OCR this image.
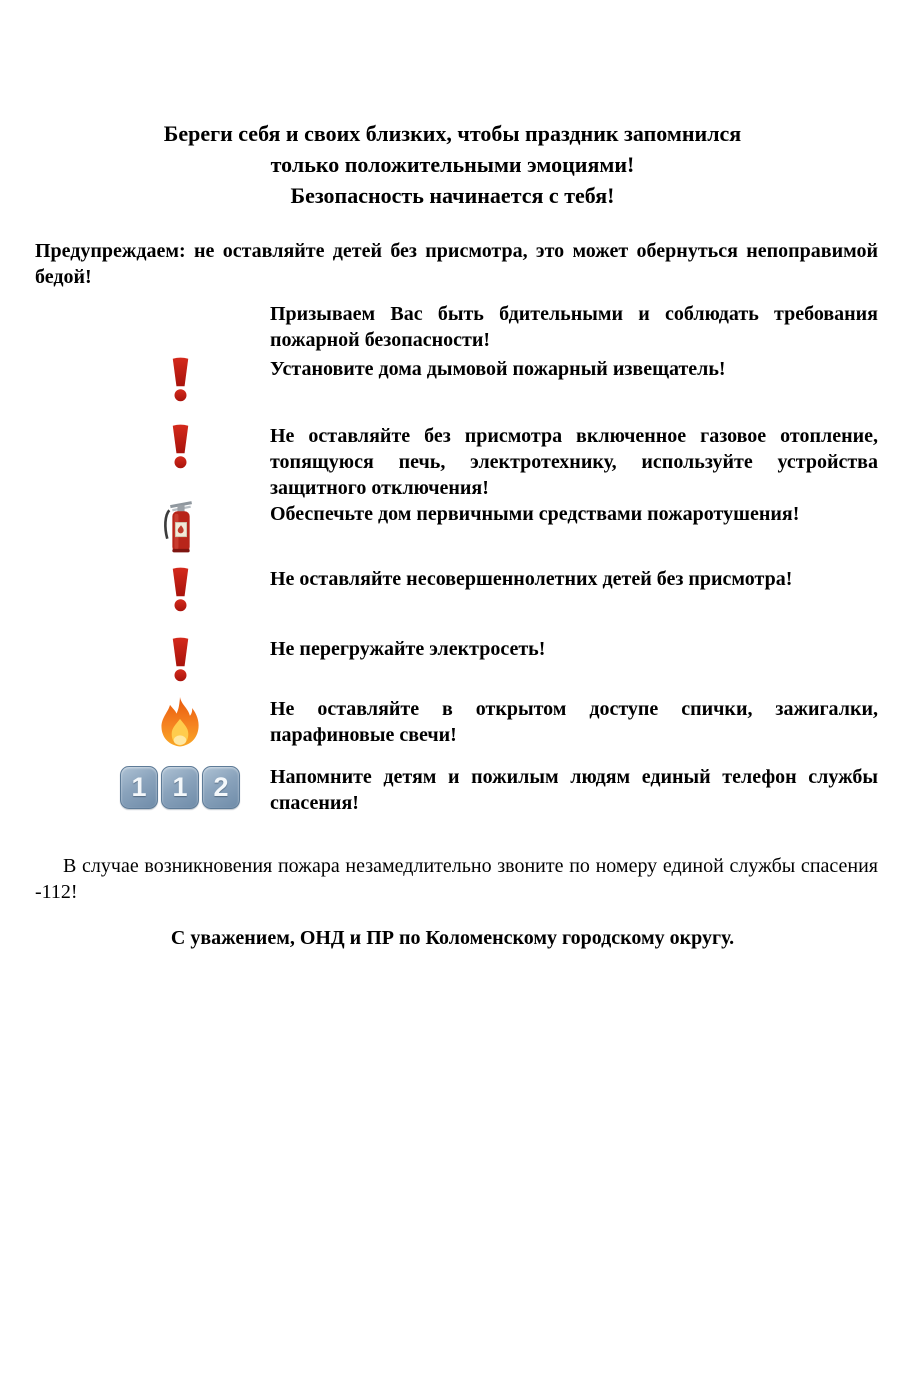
Береги себя и своих близких, чтобы праздник запомнился
только положительными эмоциями!
Безопасность начинается с тебя!
Предупреждаем: не оставляйте детей без присмотра, это может обернуться непоправимой бедой!
Призываем Вас быть бдительными и соблюдать требования пожарной безопасности!
Установите дома дымовой пожарный извещатель!
Не оставляйте без присмотра включенное газовое отопление, топящуюся печь, электротехнику, используйте устройства защитного отключения!
Обеспечьте дом первичными средствами пожаротушения!
Не оставляйте несовершеннолетних детей без присмотра!
Не перегружайте электросеть!
Не оставляйте в открытом доступе спички, зажигалки, парафиновые свечи!
1 1 2	Напомните детям и пожилым людям единый телефон службы спасения!
В случае возникновения пожара незамедлительно звоните по номеру единой службы спасения -112!
С уважением, ОНД и ПР по Коломенскому городскому округу.
